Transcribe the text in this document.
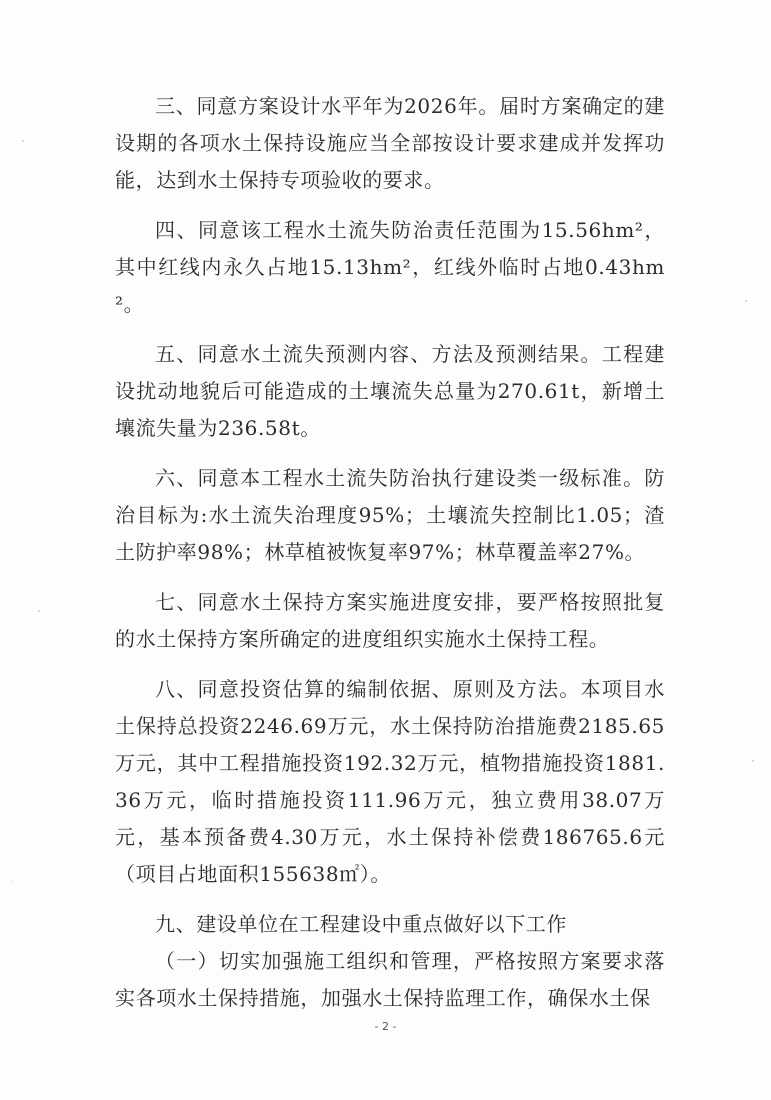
三、同意方案设计水平年为2026年。届时方案确定的建设期的各项水土保持设施应当全部按设计要求建成并发挥功能，达到水土保持专项验收的要求。

四、同意该工程水土流失防治责任范围为15.56hm²，其中红线内永久占地15.13hm²，红线外临时占地0.43hm²。

五、同意水土流失预测内容、方法及预测结果。工程建设扰动地貌后可能造成的土壤流失总量为270.61t，新增土壤流失量为236.58t。

六、同意本工程水土流失防治执行建设类一级标准。防治目标为:水土流失治理度95%；土壤流失控制比1.05；渣土防护率98%；林草植被恢复率97%；林草覆盖率27%。

七、同意水土保持方案实施进度安排，要严格按照批复的水土保持方案所确定的进度组织实施水土保持工程。

八、同意投资估算的编制依据、原则及方法。本项目水土保持总投资2246.69万元，水土保持防治措施费2185.65万元，其中工程措施投资192.32万元，植物措施投资1881.36万元，临时措施投资111.96万元，独立费用38.07万元，基本预备费4.30万元，水土保持补偿费186765.6元（项目占地面积155638㎡）。

九、建设单位在工程建设中重点做好以下工作

（一）切实加强施工组织和管理，严格按照方案要求落实各项水土保持措施，加强水土保持监理工作，确保水土保

- 2 -
